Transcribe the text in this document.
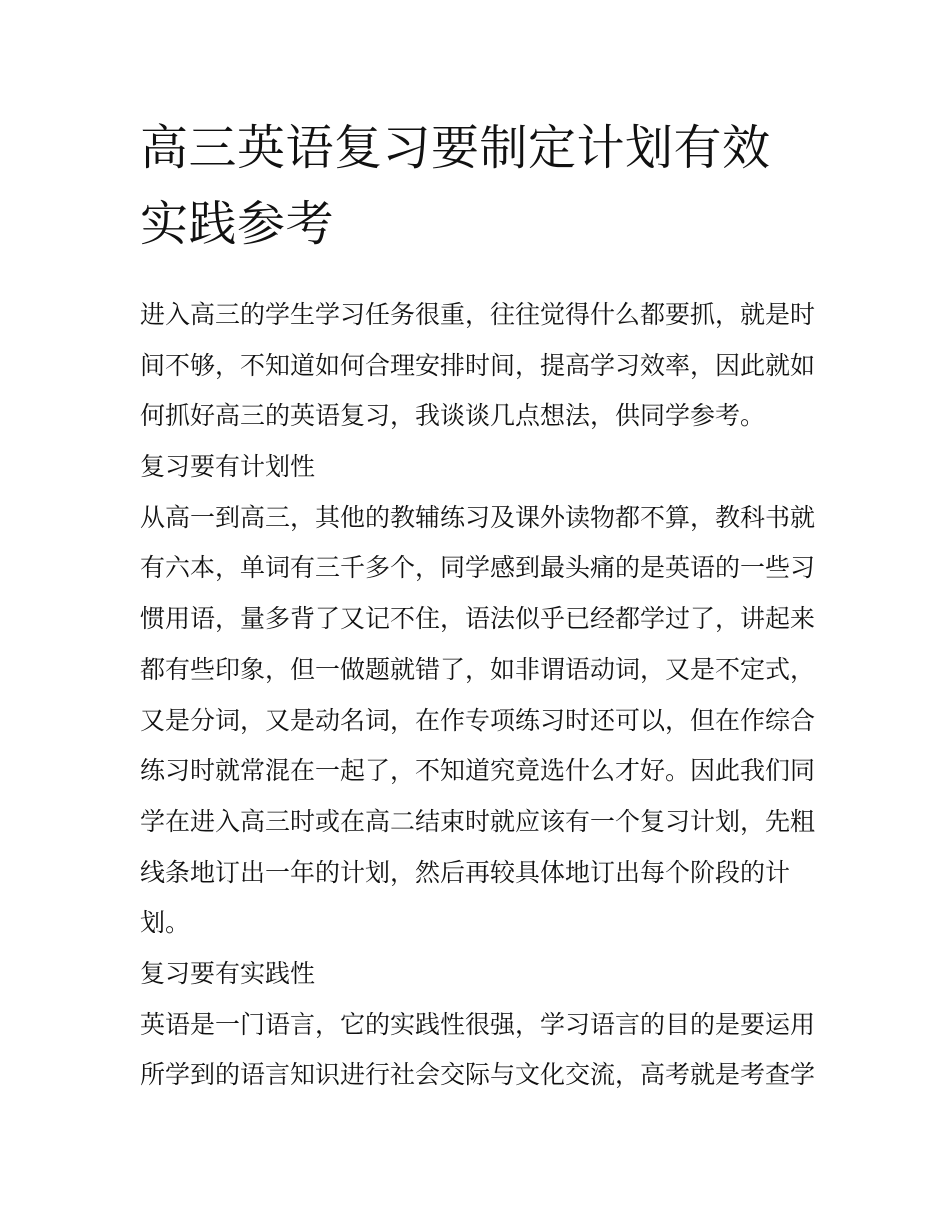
高三英语复习要制定计划有效
实践参考
进入高三的学生学习任务很重，往往觉得什么都要抓，就是时
间不够，不知道如何合理安排时间，提高学习效率，因此就如
何抓好高三的英语复习，我谈谈几点想法，供同学参考。
复习要有计划性
从高一到高三，其他的教辅练习及课外读物都不算，教科书就
有六本，单词有三千多个，同学感到最头痛的是英语的一些习
惯用语，量多背了又记不住，语法似乎已经都学过了，讲起来
都有些印象，但一做题就错了，如非谓语动词，又是不定式，
又是分词，又是动名词，在作专项练习时还可以，但在作综合
练习时就常混在一起了，不知道究竟选什么才好。因此我们同
学在进入高三时或在高二结束时就应该有一个复习计划，先粗
线条地订出一年的计划，然后再较具体地订出每个阶段的计
划。
复习要有实践性
英语是一门语言，它的实践性很强，学习语言的目的是要运用
所学到的语言知识进行社会交际与文化交流，高考就是考查学
